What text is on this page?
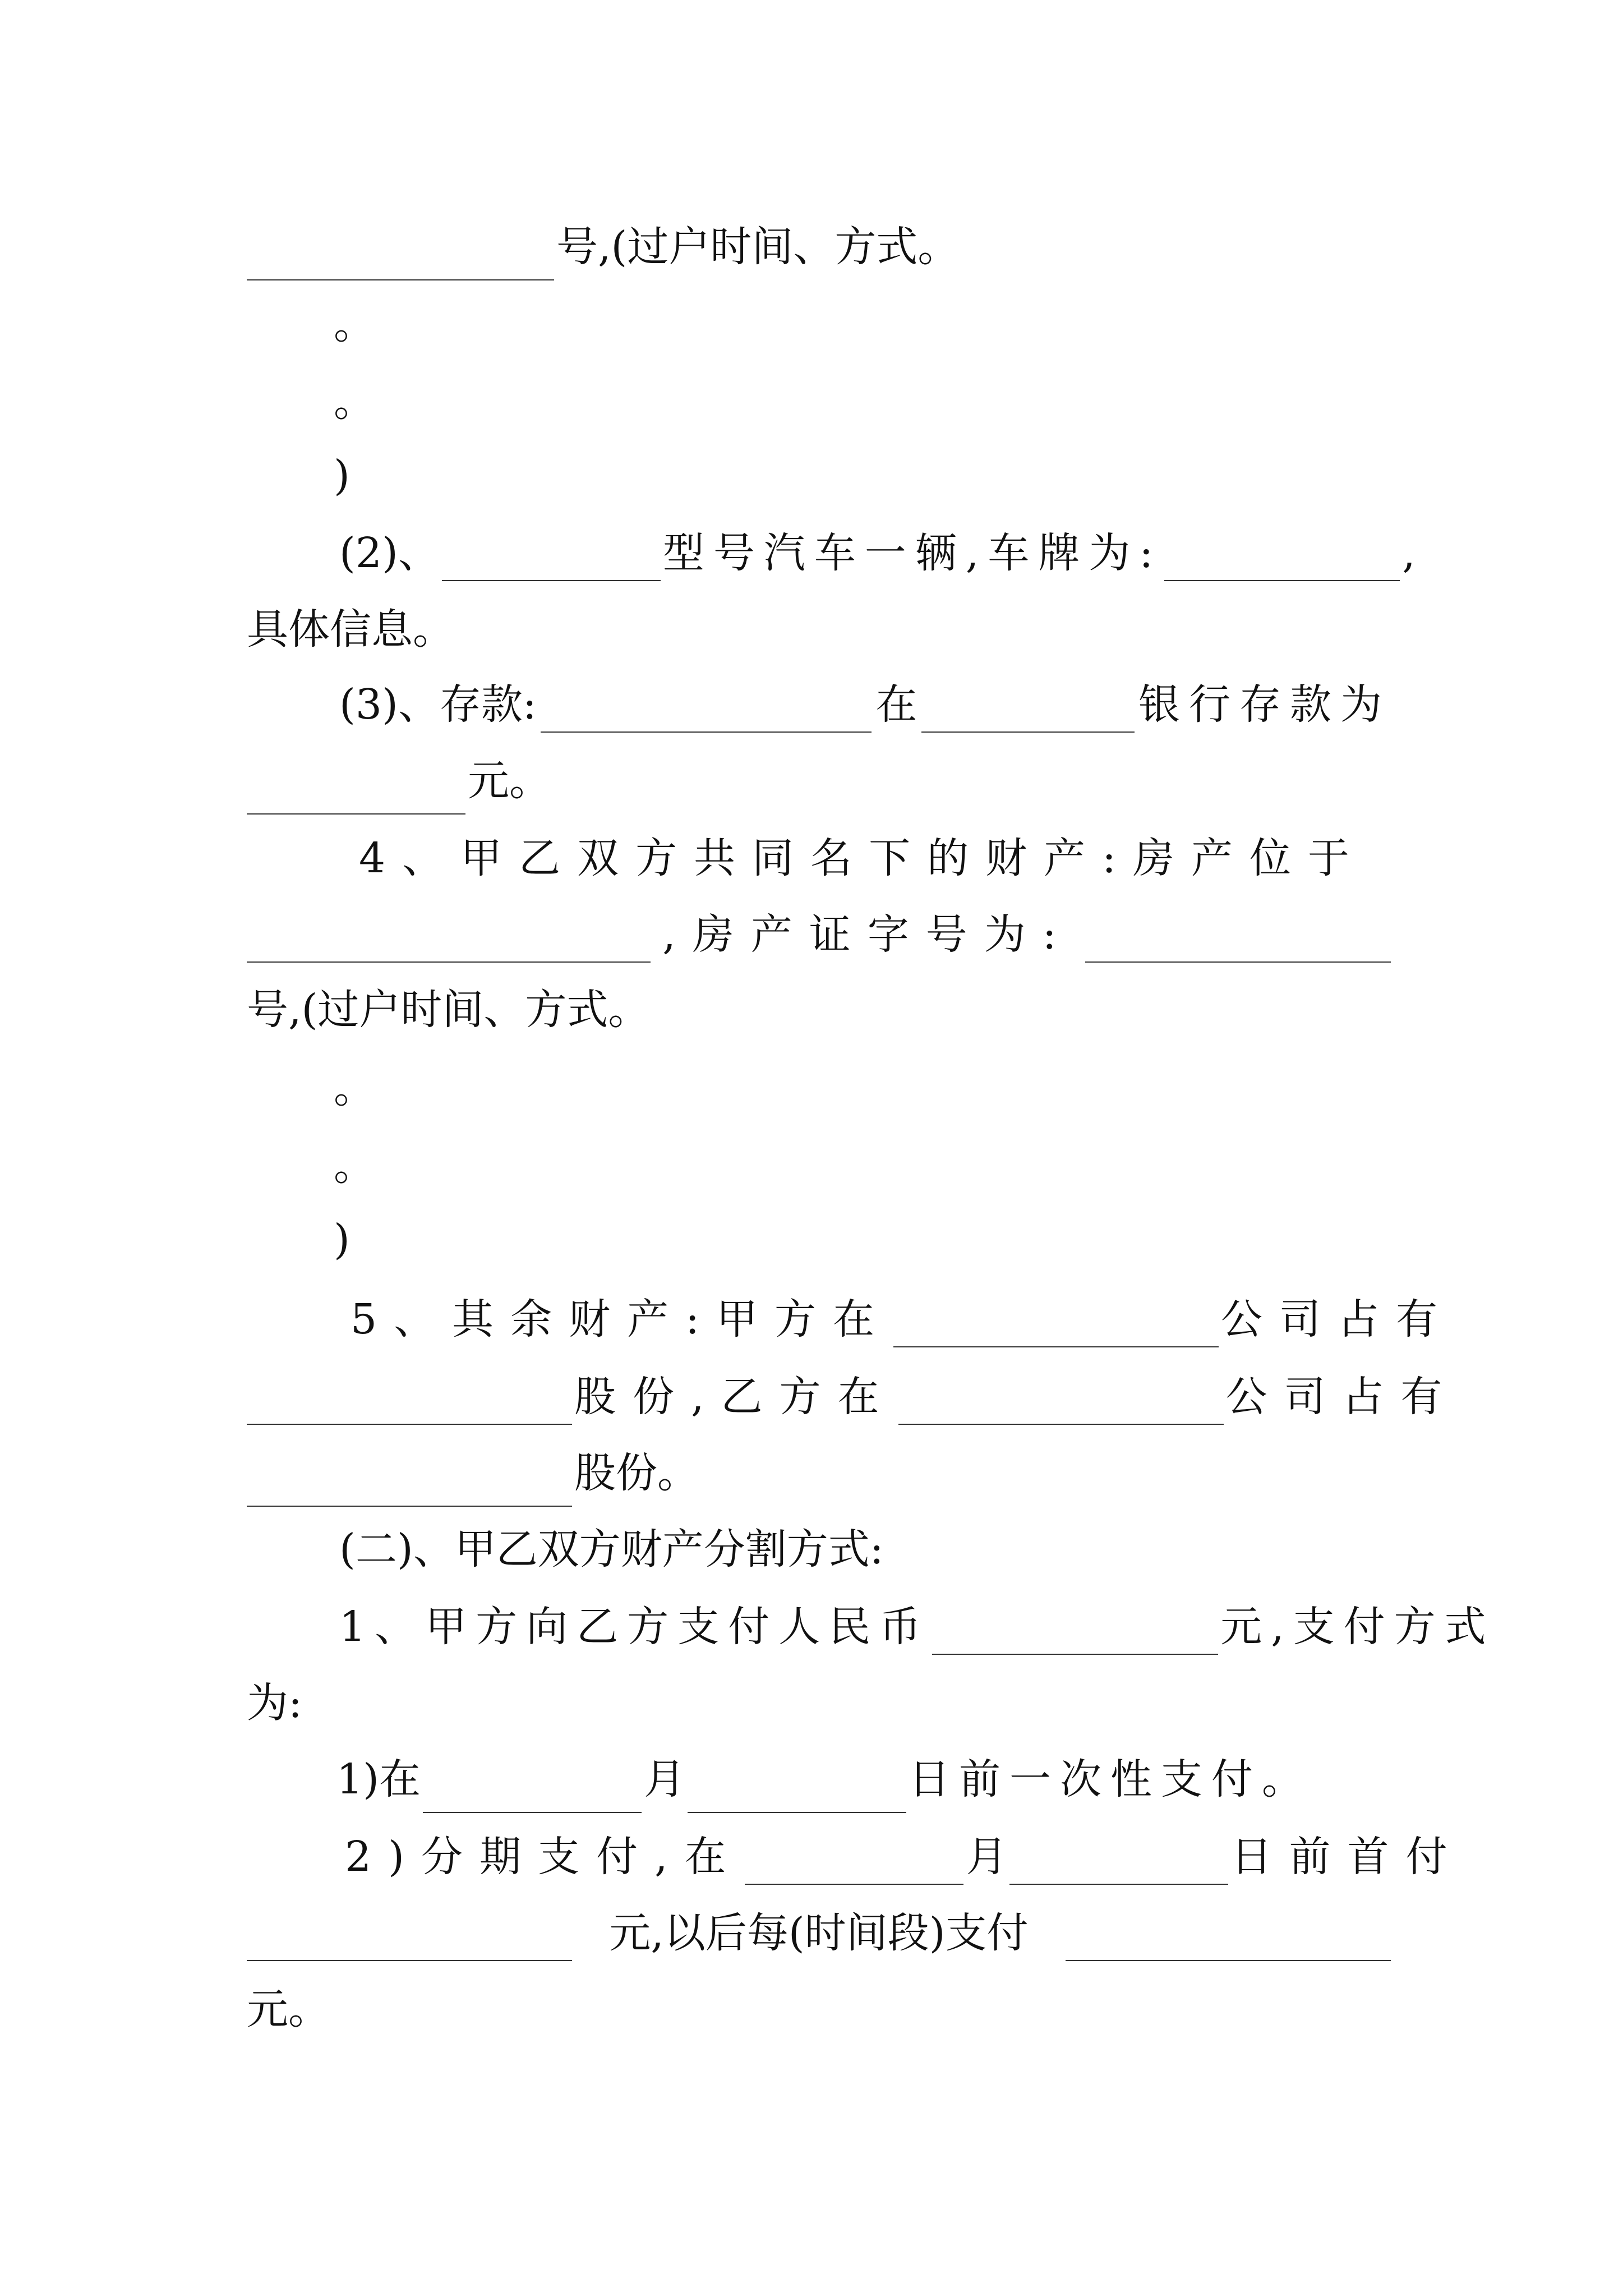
号,(过户时间、方式。
。
。
)
(2)、	型号汽车一辆,车牌为:	,
具体信息。
(3)、存款:	在	银行存款为
元。
4、甲乙双方共同名下的财产:房产位于
,房产证字号为:
号,(过户时间、方式。
。
。
)
5、其余财产:甲方在	公司占有
股份,乙方在	公司占有
股份。
(二)、甲乙双方财产分割方式:
1、甲方向乙方支付人民币	元,支付方式
为:
1)在	月	日前一次性支付。
2)分期支付,在	月	日前首付
元,以后每(时间段)支付
元。
